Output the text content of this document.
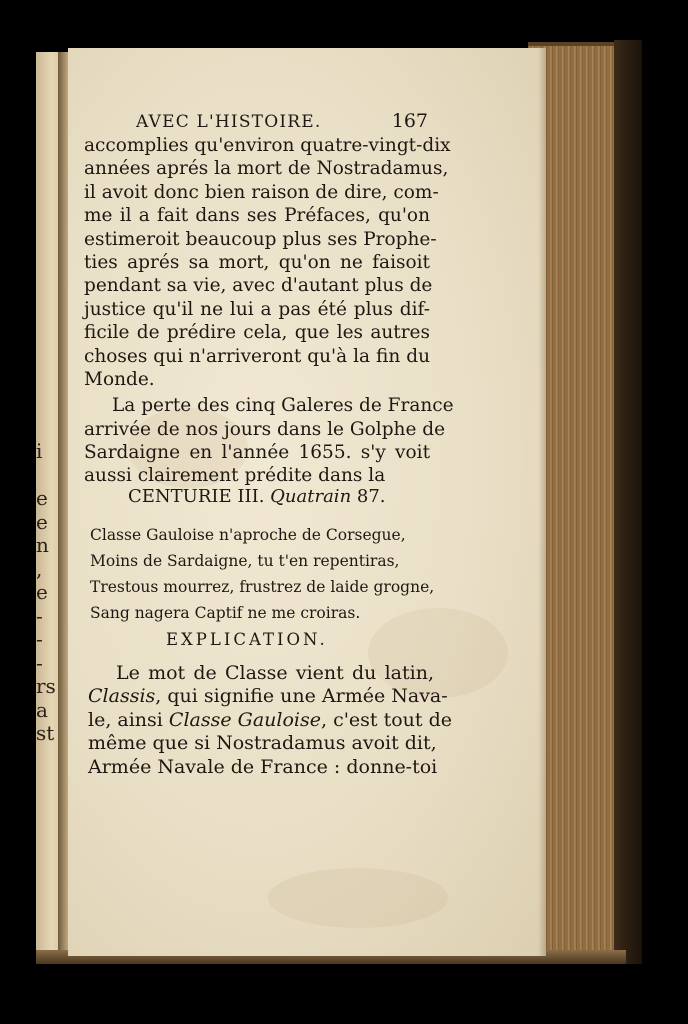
i
e
e
n
,
e
-
-
-
rs
a
st
AVEC L'HISTOIRE.	167
accomplies qu'environ quatre-vingt-dix
années aprés la mort de Nostradamus,
il avoit donc bien raison de dire, com-
me il a fait dans ses Préfaces, qu'on
estimeroit beaucoup plus ses Prophe-
ties aprés sa mort, qu'on ne faisoit
pendant sa vie, avec d'autant plus de
justice qu'il ne lui a pas été plus dif-
ficile de prédire cela, que les autres
choses qui n'arriveront qu'à la fin du
Monde.
La perte des cinq Galeres de France
arrivée de nos jours dans le Golphe de
Sardaigne en l'année 1655. s'y voit
aussi clairement prédite dans la
CENTURIE III. Quatrain 87.
Classe Gauloise n'aproche de Corsegue,
Moins de Sardaigne, tu t'en repentiras,
Trestous mourrez, frustrez de laide grogne,
Sang nagera Captif ne me croiras.
EXPLICATION.
Le mot de Classe vient du latin,
Classis, qui signifie une Armée Nava-
le, ainsi Classe Gauloise, c'est tout de
même que si Nostradamus avoit dit,
Armée Navale de France : donne-toi
